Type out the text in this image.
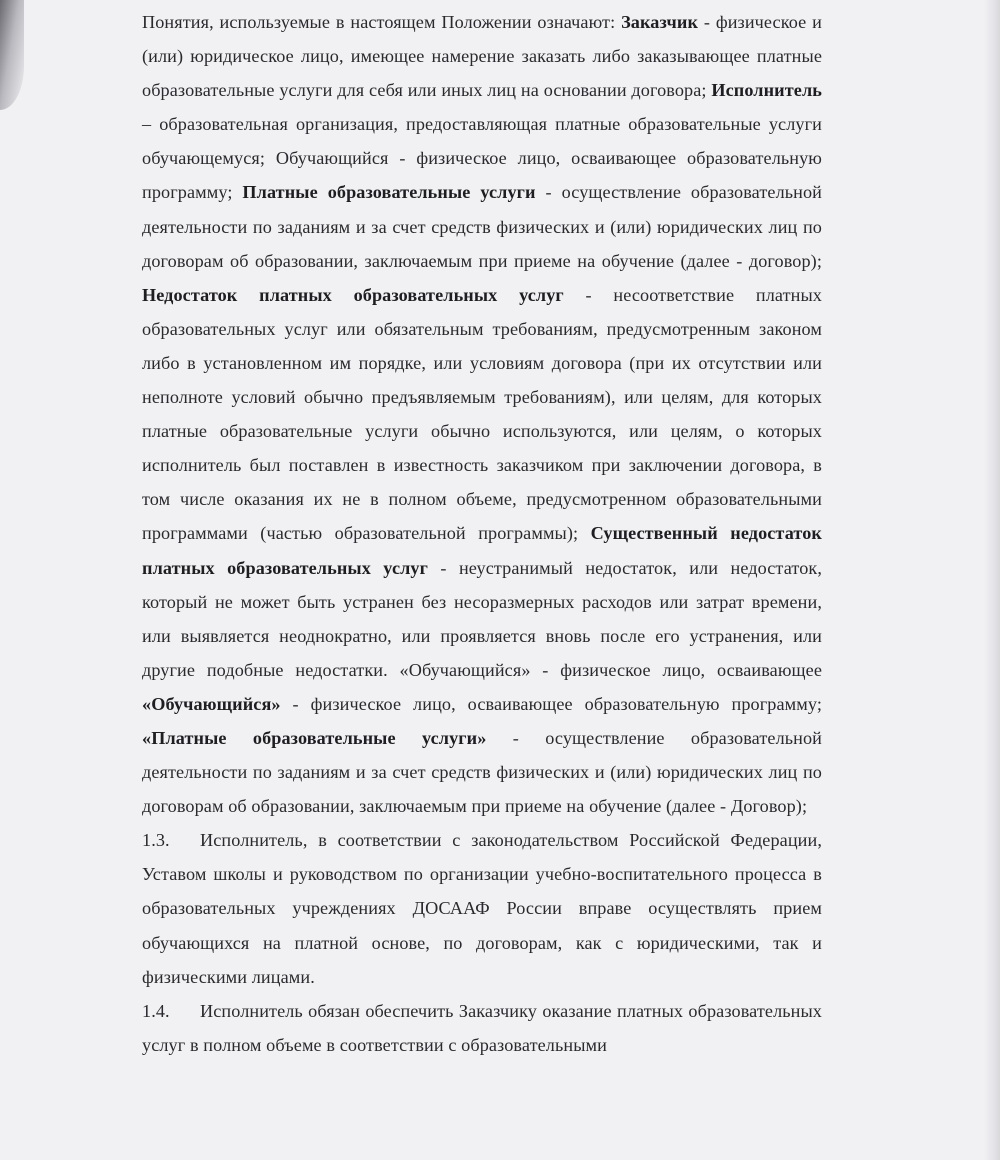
Понятия, используемые в настоящем Положении означают: Заказчик - физическое и (или) юридическое лицо, имеющее намерение заказать либо заказывающее платные образовательные услуги для себя или иных лиц на основании договора; Исполнитель – образовательная организация, предоставляющая платные образовательные услуги обучающемуся; Обучающийся - физическое лицо, осваивающее образовательную программу; Платные образовательные услуги - осуществление образовательной деятельности по заданиям и за счет средств физических и (или) юридических лиц по договорам об образовании, заключаемым при приеме на обучение (далее - договор); Недостаток платных образовательных услуг - несоответствие платных образовательных услуг или обязательным требованиям, предусмотренным законом либо в установленном им порядке, или условиям договора (при их отсутствии или неполноте условий обычно предъявляемым требованиям), или целям, для которых платные образовательные услуги обычно используются, или целям, о которых исполнитель был поставлен в известность заказчиком при заключении договора, в том числе оказания их не в полном объеме, предусмотренном образовательными программами (частью образовательной программы); Существенный недостаток платных образовательных услуг - неустранимый недостаток, или недостаток, который не может быть устранен без несоразмерных расходов или затрат времени, или выявляется неоднократно, или проявляется вновь после его устранения, или другие подобные недостатки. «Обучающийся» - физическое лицо, осваивающее «Обучающийся» - физическое лицо, осваивающее образовательную программу; «Платные образовательные услуги» - осуществление образовательной деятельности по заданиям и за счет средств физических и (или) юридических лиц по договорам об образовании, заключаемым при приеме на обучение (далее - Договор);

1.3. Исполнитель, в соответствии с законодательством Российской Федерации, Уставом школы и руководством по организации учебно-воспитательного процесса в образовательных учреждениях ДОСААФ России вправе осуществлять прием обучающихся на платной основе, по договорам, как с юридическими, так и физическими лицами.

1.4. Исполнитель обязан обеспечить Заказчику оказание платных образовательных услуг в полном объеме в соответствии с образовательными
